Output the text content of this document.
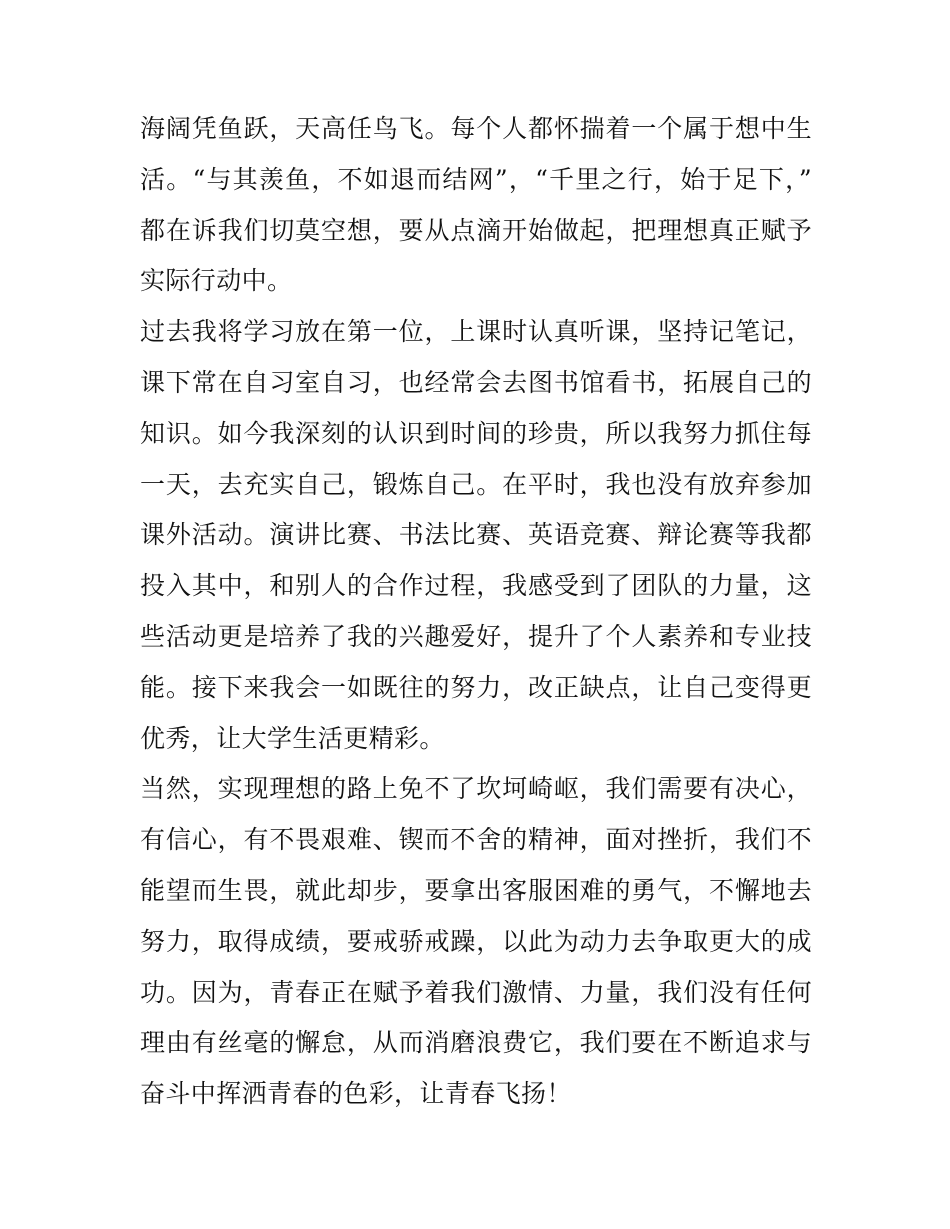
海阔凭鱼跃，天高任鸟飞。每个人都怀揣着一个属于想中生活。“与其羡鱼，不如退而结网”，“千里之行，始于足下，”都在诉我们切莫空想，要从点滴开始做起，把理想真正赋予实际行动中。

过去我将学习放在第一位，上课时认真听课，坚持记笔记，课下常在自习室自习，也经常会去图书馆看书，拓展自己的知识。如今我深刻的认识到时间的珍贵，所以我努力抓住每一天，去充实自己，锻炼自己。在平时，我也没有放弃参加课外活动。演讲比赛、书法比赛、英语竞赛、辩论赛等我都投入其中，和别人的合作过程，我感受到了团队的力量，这些活动更是培养了我的兴趣爱好，提升了个人素养和专业技能。接下来我会一如既往的努力，改正缺点，让自己变得更优秀，让大学生活更精彩。

当然，实现理想的路上免不了坎坷崎岖，我们需要有决心，有信心，有不畏艰难、锲而不舍的精神，面对挫折，我们不能望而生畏，就此却步，要拿出客服困难的勇气，不懈地去努力，取得成绩，要戒骄戒躁，以此为动力去争取更大的成功。因为，青春正在赋予着我们激情、力量，我们没有任何理由有丝毫的懈怠，从而消磨浪费它，我们要在不断追求与奋斗中挥洒青春的色彩，让青春飞扬！
